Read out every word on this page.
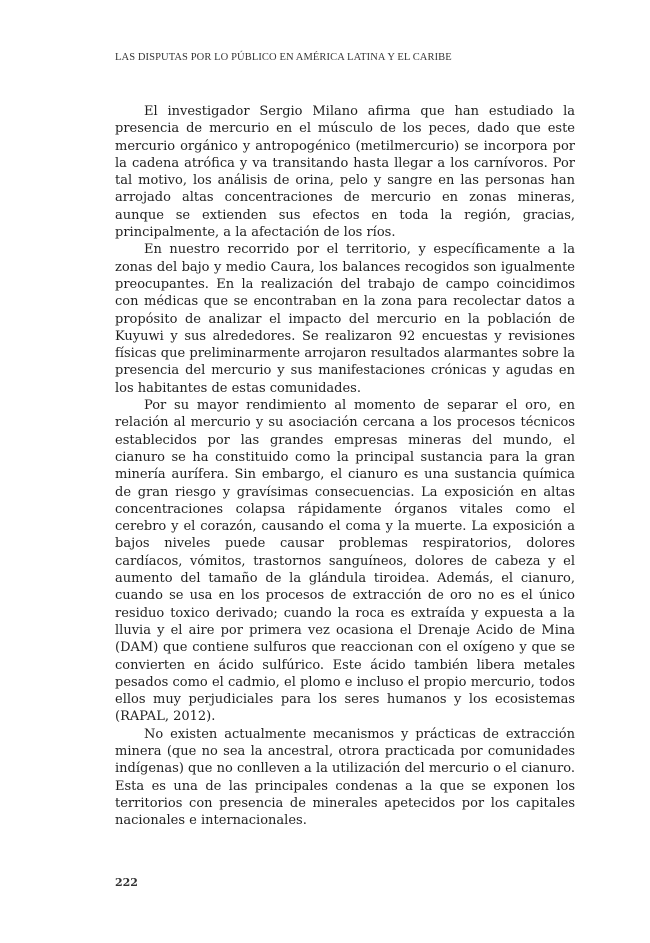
LAS DISPUTAS POR LO PÚBLICO EN AMÉRICA LATINA Y EL CARIBE

El investigador Sergio Milano afirma que han estudiado la presencia de mercurio en el músculo de los peces, dado que este mercurio orgánico y antropogénico (metilmercurio) se incorpora por la cadena atrófica y va transitando hasta llegar a los carnívoros. Por tal motivo, los análisis de orina, pelo y sangre en las personas han arrojado altas concentraciones de mercurio en zonas mineras, aunque se extienden sus efectos en toda la región, gracias, principalmente, a la afectación de los ríos.

En nuestro recorrido por el territorio, y específicamente a la zonas del bajo y medio Caura, los balances recogidos son igualmente preocupantes. En la realización del trabajo de campo coincidimos con médicas que se encontraban en la zona para recolectar datos a propósito de analizar el impacto del mercurio en la población de Kuyuwi y sus alrededores. Se realizaron 92 encuestas y revisiones físicas que preliminarmente arrojaron resultados alarmantes sobre la presencia del mercurio y sus manifestaciones crónicas y agudas en los habitantes de estas comunidades.

Por su mayor rendimiento al momento de separar el oro, en relación al mercurio y su asociación cercana a los procesos técnicos establecidos por las grandes empresas mineras del mundo, el cianuro se ha constituido como la principal sustancia para la gran minería aurífera. Sin embargo, el cianuro es una sustancia química de gran riesgo y gravísimas consecuencias. La exposición en altas concentraciones colapsa rápidamente órganos vitales como el cerebro y el corazón, causando el coma y la muerte. La exposición a bajos niveles puede causar problemas respiratorios, dolores cardíacos, vómitos, trastornos sanguíneos, dolores de cabeza y el aumento del tamaño de la glándula tiroidea. Además, el cianuro, cuando se usa en los procesos de extracción de oro no es el único residuo toxico derivado; cuando la roca es extraída y expuesta a la lluvia y el aire por primera vez ocasiona el Drenaje Acido de Mina (DAM) que contiene sulfuros que reaccionan con el oxígeno y que se convierten en ácido sulfúrico. Este ácido también libera metales pesados como el cadmio, el plomo e incluso el propio mercurio, todos ellos muy perjudiciales para los seres humanos y los ecosistemas (RAPAL, 2012).

No existen actualmente mecanismos y prácticas de extracción minera (que no sea la ancestral, otrora practicada por comunidades indígenas) que no conlleven a la utilización del mercurio o el cianuro. Esta es una de las principales condenas a la que se exponen los territorios con presencia de minerales apetecidos por los capitales nacionales e internacionales.

222
